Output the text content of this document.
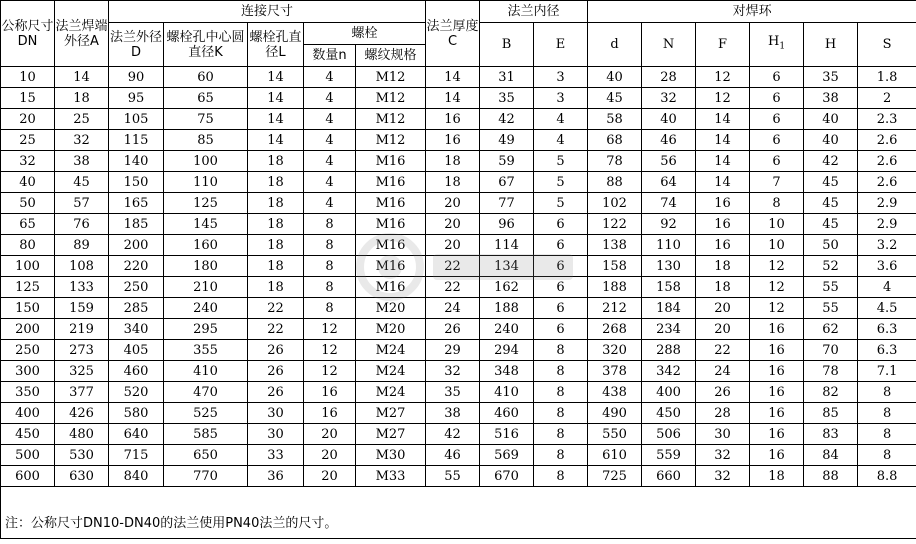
公称尺寸DN	法兰焊端外径A	连接尺寸					法兰厚度C	法兰内径		对焊环					
		法兰外径D	螺栓孔中心圆直径K	螺栓孔直径L	螺栓			B	E	d	N	F	$H_1$	H	S
					数量n	螺纹规格									
10	14	90	60	14	4	M12	14	31	3	40	28	12	6	35	1.8
15	18	95	65	14	4	M12	14	35	3	45	32	12	6	38	2
20	25	105	75	14	4	M12	16	42	4	58	40	14	6	40	2.3
25	32	115	85	14	4	M12	16	49	4	68	46	14	6	40	2.6
32	38	140	100	18	4	M16	18	59	5	78	56	14	6	42	2.6
40	45	150	110	18	4	M16	18	67	5	88	64	14	7	45	2.6
50	57	165	125	18	4	M16	20	77	5	102	74	16	8	45	2.9
65	76	185	145	18	8	M16	20	96	6	122	92	16	10	45	2.9
80	89	200	160	18	8	M16	20	114	6	138	110	16	10	50	3.2
100	108	220	180	18	8	M16	22	134	6	158	130	18	12	52	3.6
125	133	250	210	18	8	M16	22	162	6	188	158	18	12	55	4
150	159	285	240	22	8	M20	24	188	6	212	184	20	12	55	4.5
200	219	340	295	22	12	M20	26	240	6	268	234	20	16	62	6.3
250	273	405	355	26	12	M24	29	294	8	320	288	22	16	70	6.3
300	325	460	410	26	12	M24	32	348	8	378	342	24	16	78	7.1
350	377	520	470	26	16	M24	35	410	8	438	400	26	16	82	8
400	426	580	525	30	16	M27	38	460	8	490	450	28	16	85	8
450	480	640	585	30	20	M27	42	516	8	550	506	30	16	83	8
500	530	715	650	33	20	M30	46	569	8	610	559	32	16	84	8
600	630	840	770	36	20	M33	55	670	8	725	660	32	18	88	8.8

注：公称尺寸DN10-DN40的法兰使用PN40法兰的尺寸。
